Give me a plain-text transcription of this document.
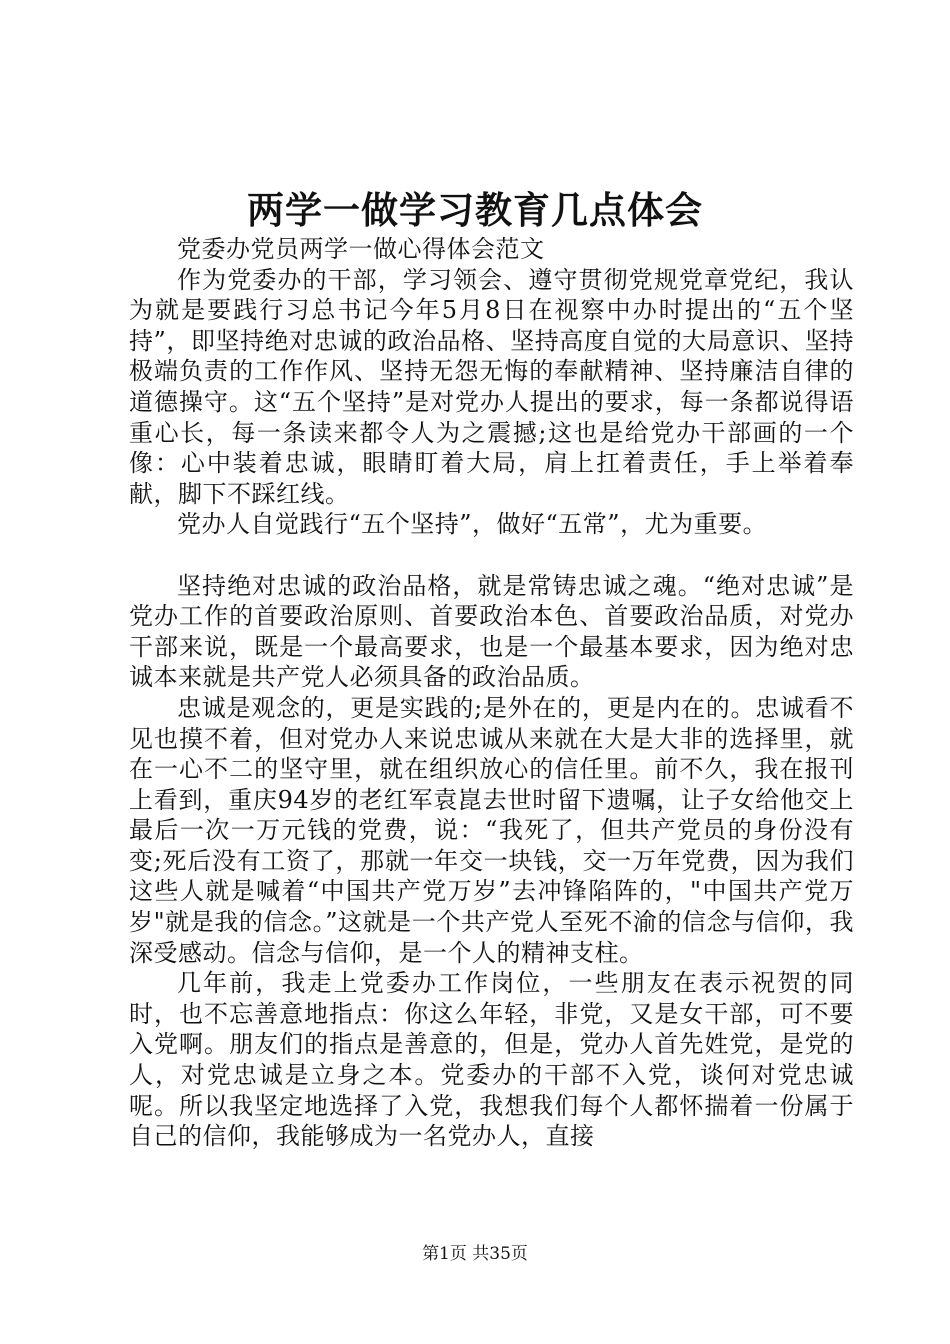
两学一做学习教育几点体会

党委办党员两学一做心得体会范文

作为党委办的干部，学习领会、遵守贯彻党规党章党纪，我认为就是要践行习总书记今年5月8日在视察中办时提出的“五个坚持”，即坚持绝对忠诚的政治品格、坚持高度自觉的大局意识、坚持极端负责的工作作风、坚持无怨无悔的奉献精神、坚持廉洁自律的道德操守。这“五个坚持”是对党办人提出的要求，每一条都说得语重心长，每一条读来都令人为之震撼;这也是给党办干部画的一个像：心中装着忠诚，眼睛盯着大局，肩上扛着责任，手上举着奉献，脚下不踩红线。

党办人自觉践行“五个坚持”，做好“五常”，尤为重要。

坚持绝对忠诚的政治品格，就是常铸忠诚之魂。“绝对忠诚”是党办工作的首要政治原则、首要政治本色、首要政治品质，对党办干部来说，既是一个最高要求，也是一个最基本要求，因为绝对忠诚本来就是共产党人必须具备的政治品质。

忠诚是观念的，更是实践的;是外在的，更是内在的。忠诚看不见也摸不着，但对党办人来说忠诚从来就在大是大非的选择里，就在一心不二的坚守里，就在组织放心的信任里。前不久，我在报刊上看到，重庆94岁的老红军袁崑去世时留下遗嘱，让子女给他交上最后一次一万元钱的党费，说：“我死了，但共产党员的身份没有变;死后没有工资了，那就一年交一块钱，交一万年党费，因为我们这些人就是喊着“中国共产党万岁”去冲锋陷阵的，"中国共产党万岁"就是我的信念。”这就是一个共产党人至死不渝的信念与信仰，我深受感动。信念与信仰，是一个人的精神支柱。

几年前，我走上党委办工作岗位，一些朋友在表示祝贺的同时，也不忘善意地指点：你这么年轻，非党，又是女干部，可不要入党啊。朋友们的指点是善意的，但是，党办人首先姓党，是党的人，对党忠诚是立身之本。党委办的干部不入党，谈何对党忠诚呢。所以我坚定地选择了入党，我想我们每个人都怀揣着一份属于自己的信仰，我能够成为一名党办人，直接

第1页 共35页
